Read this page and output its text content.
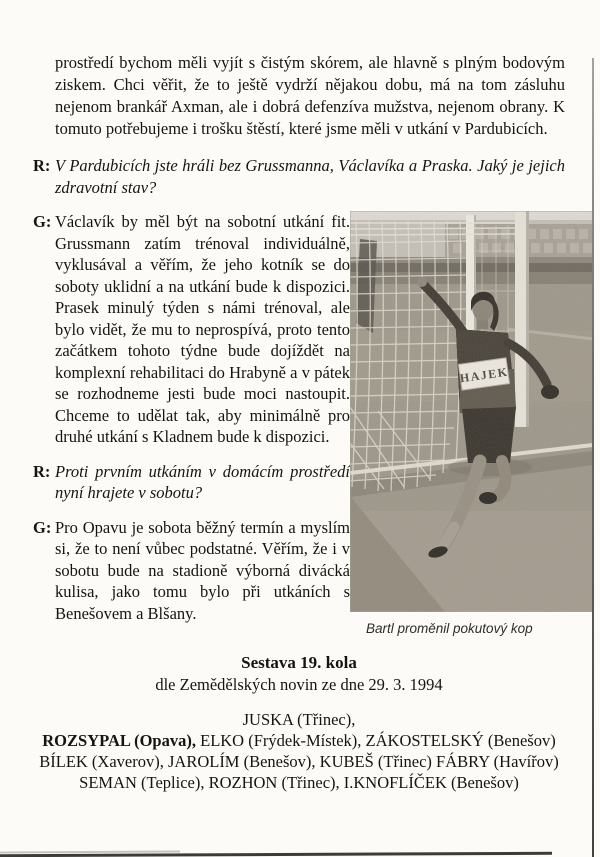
prostředí bychom měli vyjít s čistým skórem, ale hlavně s plným bodovým ziskem. Chci věřit, že to ještě vydrží nějakou dobu, má na tom zásluhu nejenom brankář Axman, ale i dobrá defenzíva mužstva, nejenom obrany. K tomuto potřebujeme i trošku štěstí, které jsme měli v utkání v Pardubicích.

R: V Pardubicích jste hráli bez Grussmanna, Václavíka a Praska. Jaký je jejich zdravotní stav?
G: Václavík by měl být na sobotní utkání fit. Grussmann zatím trénoval individuálně, vyklusával a věřím, že jeho kotník se do soboty uklidní a na utkání bude k dispozici. Prasek minulý týden s námi trénoval, ale bylo vidět, že mu to neprospívá, proto tento začátkem tohoto týdne bude dojíždět na komplexní rehabilitaci do Hrabyně a v pátek se rozhodneme jesti bude moci nastoupit. Chceme to udělat tak, aby minimálně pro druhé utkání s Kladnem bude k dispozici.
R: Proti prvním utkáním v domácím prostředí nyní hrajete v sobotu?
G: Pro Opavu je sobota běžný termín a myslím si, že to není vůbec podstatné. Věřím, že i v sobotu bude na stadioně výborná divácká kulisa, jako tomu bylo při utkáních s Benešovem a Blšany.
HAJEK
Bartl proměnil pokutový kop
Sestava 19. kola
dle Zemědělských novin ze dne 29. 3. 1994
JUSKA (Třinec),
ROZSYPAL (Opava), ELKO (Frýdek-Místek), ZÁKOSTELSKÝ (Benešov)
BÍLEK (Xaverov), JAROLÍM (Benešov), KUBEŠ (Třinec) FÁBRY (Havířov)
SEMAN (Teplice), ROZHON (Třinec), I.KNOFLÍČEK (Benešov)
